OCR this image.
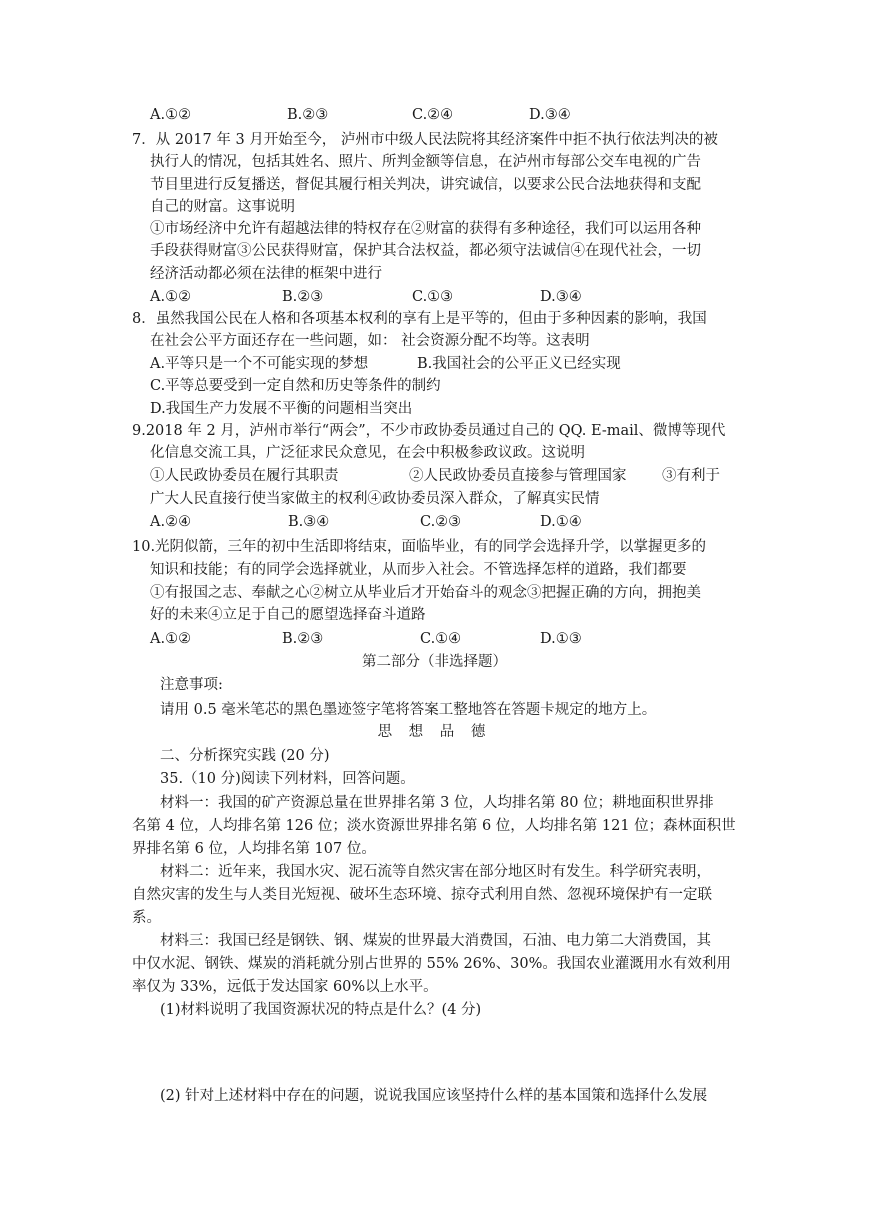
A.①②	B.②③	C.②④	D.③④
7．从 2017 年 3 月开始至今， 泸州市中级人民法院将其经济案件中拒不执行依法判决的被
执行人的情况，包括其姓名、照片、所判金额等信息，在泸州市每部公交车电视的广告
节目里进行反复播送，督促其履行相关判决，讲究诚信，以要求公民合法地获得和支配
自己的财富。这事说明
①市场经济中允许有超越法律的特权存在②财富的获得有多种途径，我们可以运用各种
手段获得财富③公民获得财富，保护其合法权益，都必须守法诚信④在现代社会，一切
经济活动都必须在法律的框架中进行
A.①②	B.②③	C.①③	D.③④
8．虽然我国公民在人格和各项基本权利的享有上是平等的，但由于多种因素的影响，我国
在社会公平方面还存在一些问题，如： 社会资源分配不均等。这表明
A.平等只是一个不可能实现的梦想	B.我国社会的公平正义已经实现
C.平等总要受到一定自然和历史等条件的制约
D.我国生产力发展不平衡的问题相当突出
9.2018 年 2 月，泸州市举行“两会”，不少市政协委员通过自己的 QQ. E-mail、微博等现代
化信息交流工具，广泛征求民众意见，在会中积极参政议政。这说明
①人民政协委员在履行其职责	②人民政协委员直接参与管理国家 ③有利于
广大人民直接行使当家做主的权利④政协委员深入群众，了解真实民情
A.②④	B.③④	C.②③	D.①④
10.光阴似箭，三年的初中生活即将结束，面临毕业，有的同学会选择升学，以掌握更多的
知识和技能；有的同学会选择就业，从而步入社会。不管选择怎样的道路，我们都要
①有报国之志、奉献之心②树立从毕业后才开始奋斗的观念③把握正确的方向，拥抱美
好的未来④立足于自己的愿望选择奋斗道路
A.①②	B.②③	C.①④	D.①③
第二部分（非选择题）
注意事项:
请用 0.5 毫米笔芯的黑色墨迹签字笔将答案工整地答在答题卡规定的地方上。
思 想 品 德
二、分析探究实践 (20 分)
35.（10 分)阅读下列材料，回答问题。
材料一：我国的矿产资源总量在世界排名第 3 位，人均排名第 80 位；耕地面积世界排
名第 4 位，人均排名第 126 位；淡水资源世界排名第 6 位，人均排名第 121 位；森林面积世
界排名第 6 位，人均排名第 107 位。
材料二：近年来，我国水灾、泥石流等自然灾害在部分地区时有发生。科学研究表明，
自然灾害的发生与人类目光短视、破坏生态环境、掠夺式利用自然、忽视环境保护有一定联
系。
材料三：我国已经是钢铁、钢、煤炭的世界最大消费国，石油、电力第二大消费国，其
中仅水泥、钢铁、煤炭的消耗就分别占世界的 55% 26%、30%。我国农业灌溉用水有效利用
率仅为 33%，远低于发达国家 60%以上水平。
(1)材料说明了我国资源状况的特点是什么？(4 分)
(2) 针对上述材料中存在的问题，说说我国应该坚持什么样的基本国策和选择什么发展
